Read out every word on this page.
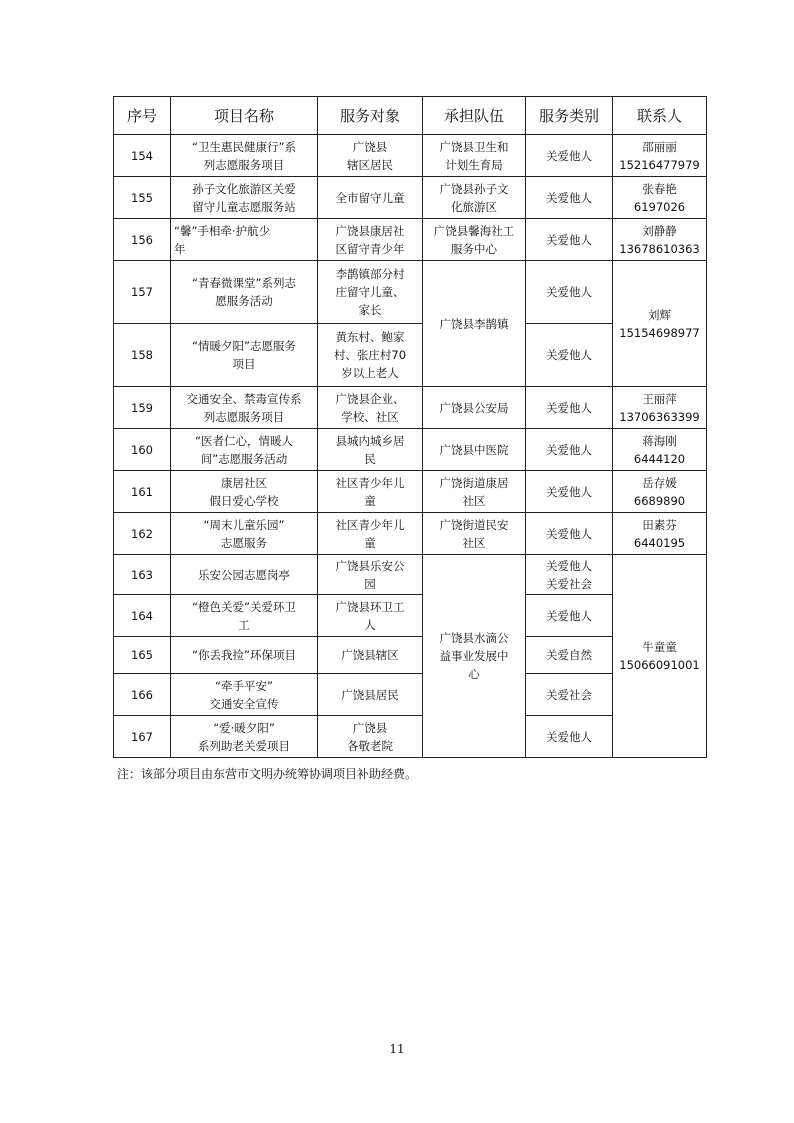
序号	项目名称	服务对象	承担队伍	服务类别	联系人
154	“卫生惠民健康行”系
列志愿服务项目	广饶县
辖区居民	广饶县卫生和
计划生育局	关爱他人	邵丽丽
15216477979

155	孙子文化旅游区关爱
留守儿童志愿服务站	全市留守儿童	广饶县孙子文
化旅游区	关爱他人	张春艳
6197026

156	“馨”手相牵·护航少
年	广饶县康居社
区留守青少年	广饶县馨海社工
服务中心	关爱他人	刘静静
13678610363

157	“青春微课堂”系列志
愿服务活动	李鹊镇部分村
庄留守儿童、
家长	广饶县李鹊镇	关爱他人	刘辉
15154698977

158	“情暖夕阳”志愿服务
项目	黄东村、鲍家
村、张庄村70
岁以上老人		关爱他人	
159	交通安全、禁毒宣传系
列志愿服务项目	广饶县企业、
学校、社区	广饶县公安局	关爱他人	王丽萍
13706363399

160	“医者仁心，情暖人
间”志愿服务活动	县城内城乡居
民	广饶县中医院	关爱他人	蒋海刚
6444120

161	康居社区
假日爱心学校	社区青少年儿
童	广饶街道康居
社区	关爱他人	岳存媛
6689890

162	“周末儿童乐园”
志愿服务	社区青少年儿
童	广饶街道民安
社区	关爱他人	田素芬
6440195

163	乐安公园志愿岗亭	广饶县乐安公
园	广饶县水滴公
益事业发展中
心	关爱他人
关爱社会	牛童童
15066091001

164	“橙色关爱”关爱环卫
工	广饶县环卫工
人		关爱他人	
165	“你丢我捡”环保项目	广饶县辖区		关爱自然	
166	“牵手平安”
交通安全宣传	广饶县居民		关爱社会	
167	“爱·暖夕阳”
系列助老关爱项目	广饶县
各敬老院		关爱他人	
注：该部分项目由东营市文明办统筹协调项目补助经费。
11
